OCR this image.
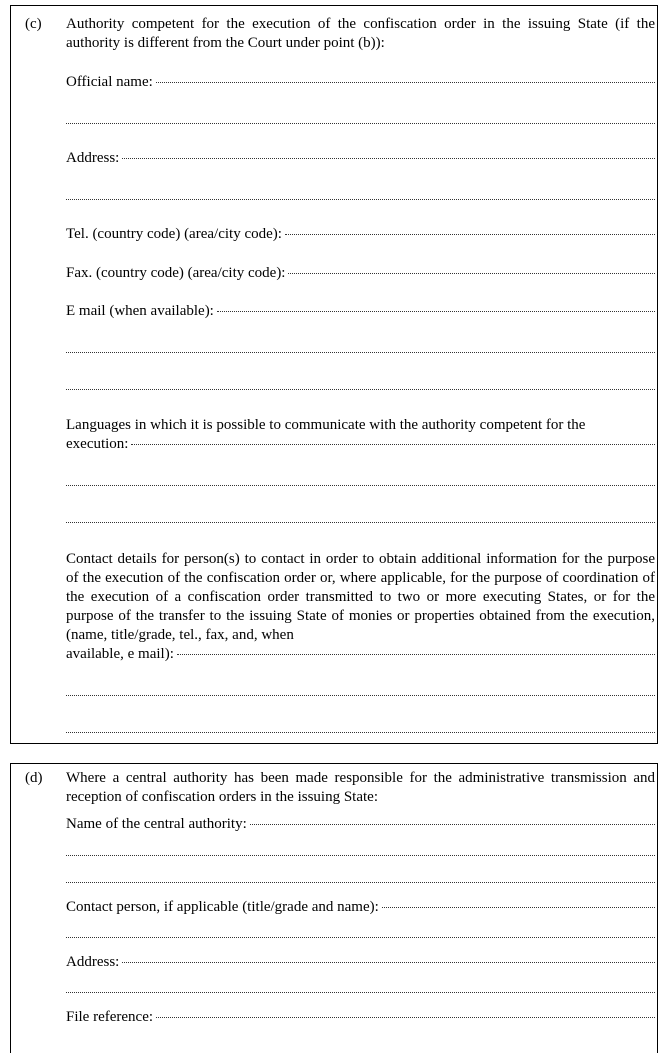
(c) Authority competent for the execution of the confiscation order in the issuing State (if the authority is different from the Court under point (b)):
Official name:
Address:
Tel. (country code) (area/city code):
Fax. (country code) (area/city code):
E mail (when available):
Languages in which it is possible to communicate with the authority competent for the
execution:
Contact details for person(s) to contact in order to obtain additional information for the purpose of the execution of the confiscation order or, where applicable, for the purpose of coordination of the execution of a confiscation order transmitted to two or more executing States, or for the purpose of the transfer to the issuing State of monies or properties obtained from the execution, (name, title/grade, tel., fax, and, when
available, e mail):
(d) Where a central authority has been made responsible for the administrative transmission and reception of confiscation orders in the issuing State:
Name of the central authority:
Contact person, if applicable (title/grade and name):
Address:
File reference:
